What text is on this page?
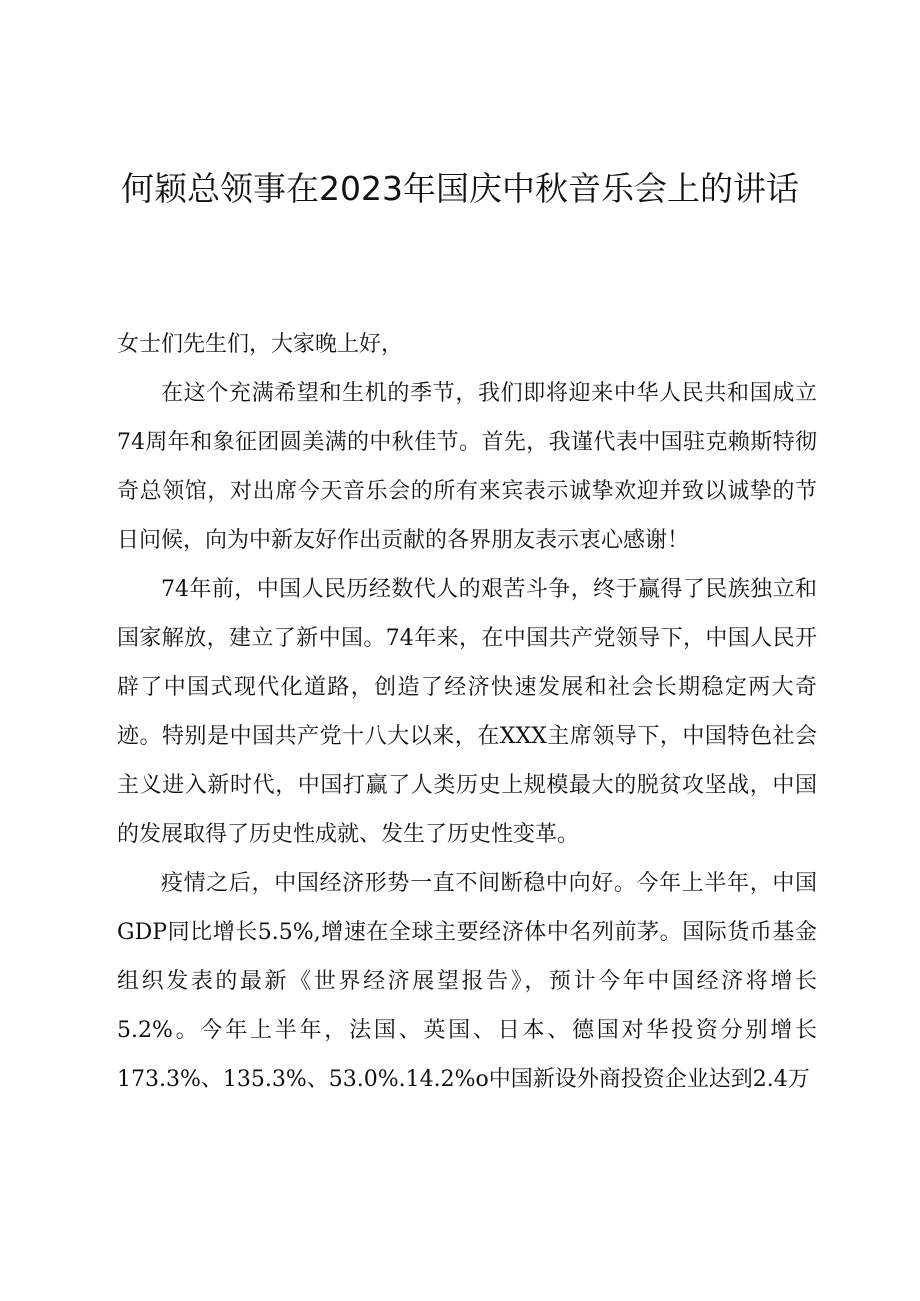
何颖总领事在2023年国庆中秋音乐会上的讲话

女士们先生们，大家晚上好，

在这个充满希望和生机的季节，我们即将迎来中华人民共和国成立74周年和象征团圆美满的中秋佳节。首先，我谨代表中国驻克赖斯特彻奇总领馆，对出席今天音乐会的所有来宾表示诚挚欢迎并致以诚挚的节日问候，向为中新友好作出贡献的各界朋友表示衷心感谢！

74年前，中国人民历经数代人的艰苦斗争，终于赢得了民族独立和国家解放，建立了新中国。74年来，在中国共产党领导下，中国人民开辟了中国式现代化道路，创造了经济快速发展和社会长期稳定两大奇迹。特别是中国共产党十八大以来，在XXX主席领导下，中国特色社会主义进入新时代，中国打赢了人类历史上规模最大的脱贫攻坚战，中国的发展取得了历史性成就、发生了历史性变革。

疫情之后，中国经济形势一直不间断稳中向好。今年上半年，中国GDP同比增长5.5%,增速在全球主要经济体中名列前茅。国际货币基金组织发表的最新《世界经济展望报告》，预计今年中国经济将增长5.2%。今年上半年，法国、英国、日本、德国对华投资分别增长173.3%、135.3%、53.0%.14.2%o中国新设外商投资企业达到2.4万
